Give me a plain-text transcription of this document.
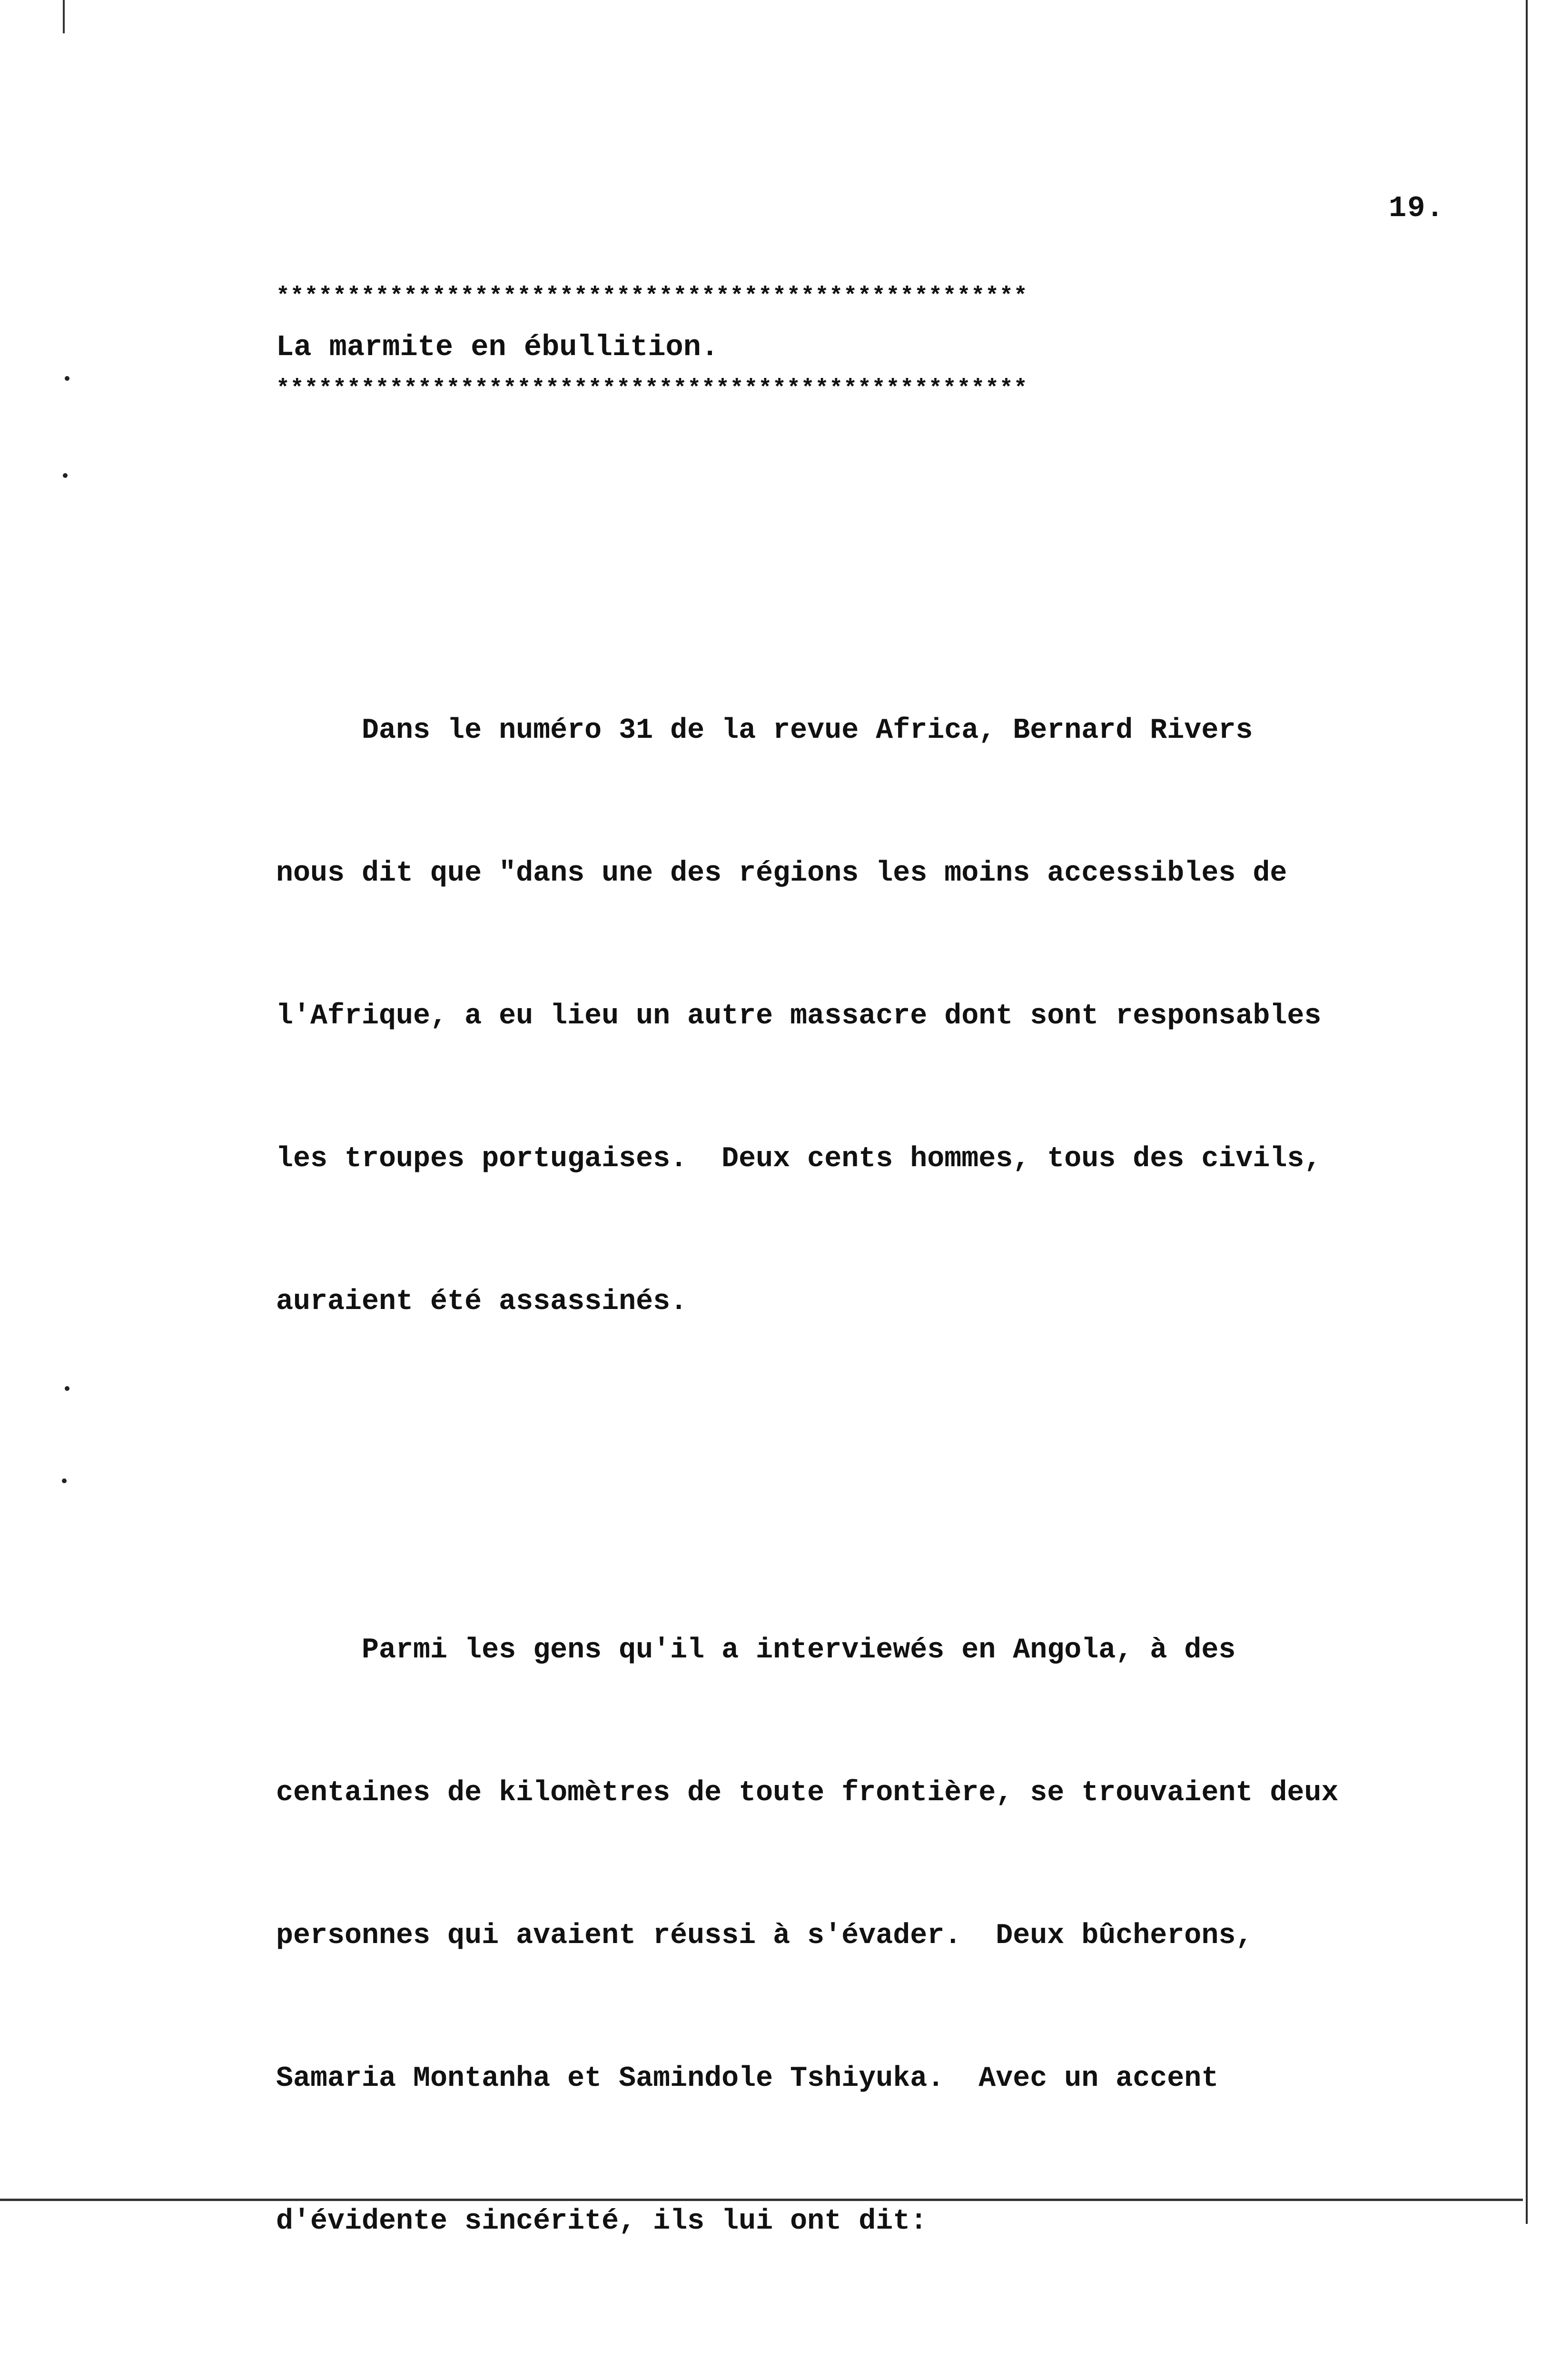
19.
*****************************************************
La marmite en ébullition.
*****************************************************

Dans le numéro 31 de la revue Africa, Bernard Rivers

nous dit que "dans une des régions les moins accessibles de

l'Afrique, a eu lieu un autre massacre dont sont responsables

les troupes portugaises.  Deux cents hommes, tous des civils,

auraient été assassinés.

Parmi les gens qu'il a interviewés en Angola, à des

centaines de kilomètres de toute frontière, se trouvaient deux

personnes qui avaient réussi à s'évader.  Deux bûcherons,

Samaria Montanha et Samindole Tshiyuka.  Avec un accent

d'évidente sincérité, ils lui ont dit:
